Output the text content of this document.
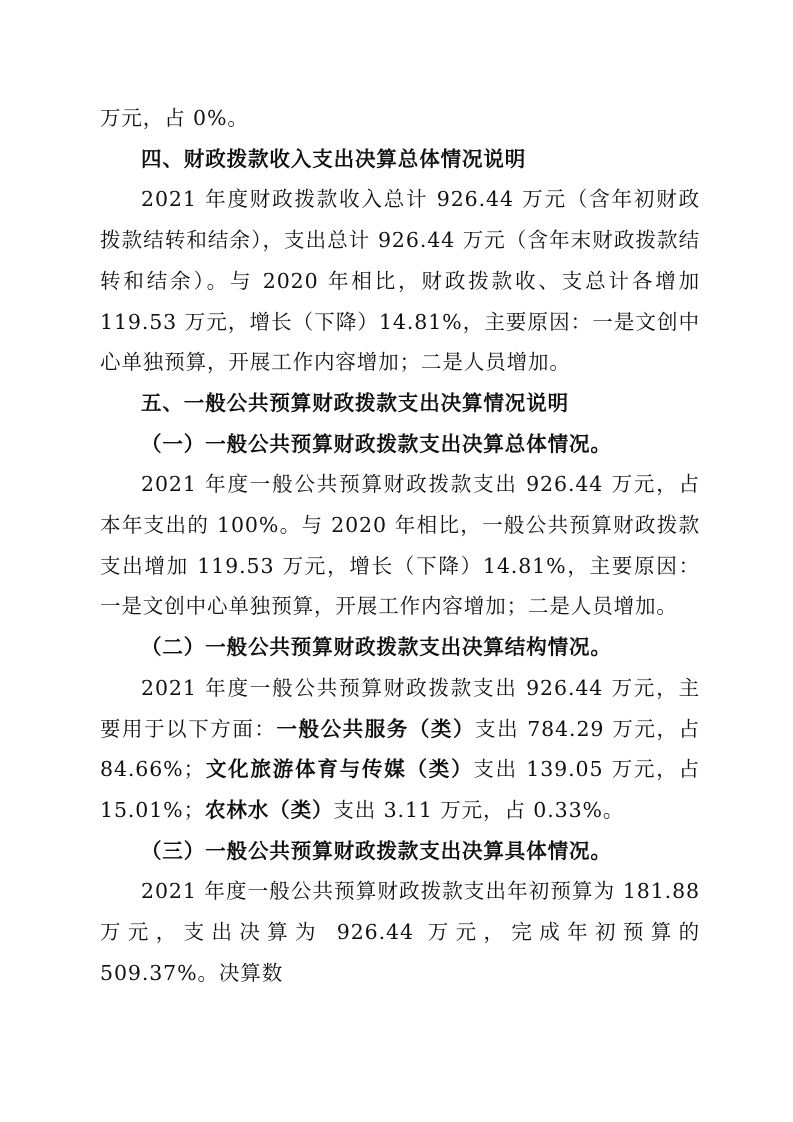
万元，占 0%。

四、财政拨款收入支出决算总体情况说明

2021 年度财政拨款收入总计 926.44 万元（含年初财政拨款结转和结余），支出总计 926.44 万元（含年末财政拨款结转和结余）。与 2020 年相比，财政拨款收、支总计各增加 119.53 万元，增长（下降）14.81%，主要原因：一是文创中心单独预算，开展工作内容增加；二是人员增加。

五、一般公共预算财政拨款支出决算情况说明

（一）一般公共预算财政拨款支出决算总体情况。

2021 年度一般公共预算财政拨款支出 926.44 万元，占本年支出的 100%。与 2020 年相比，一般公共预算财政拨款支出增加 119.53 万元，增长（下降）14.81%，主要原因：一是文创中心单独预算，开展工作内容增加；二是人员增加。

（二）一般公共预算财政拨款支出决算结构情况。

2021 年度一般公共预算财政拨款支出 926.44 万元，主要用于以下方面：一般公共服务（类）支出 784.29 万元，占 84.66%；文化旅游体育与传媒（类）支出 139.05 万元，占 15.01%；农林水（类）支出 3.11 万元，占 0.33%。

（三）一般公共预算财政拨款支出决算具体情况。

2021 年度一般公共预算财政拨款支出年初预算为 181.88 万元，支出决算为 926.44 万元，完成年初预算的 509.37%。决算数
